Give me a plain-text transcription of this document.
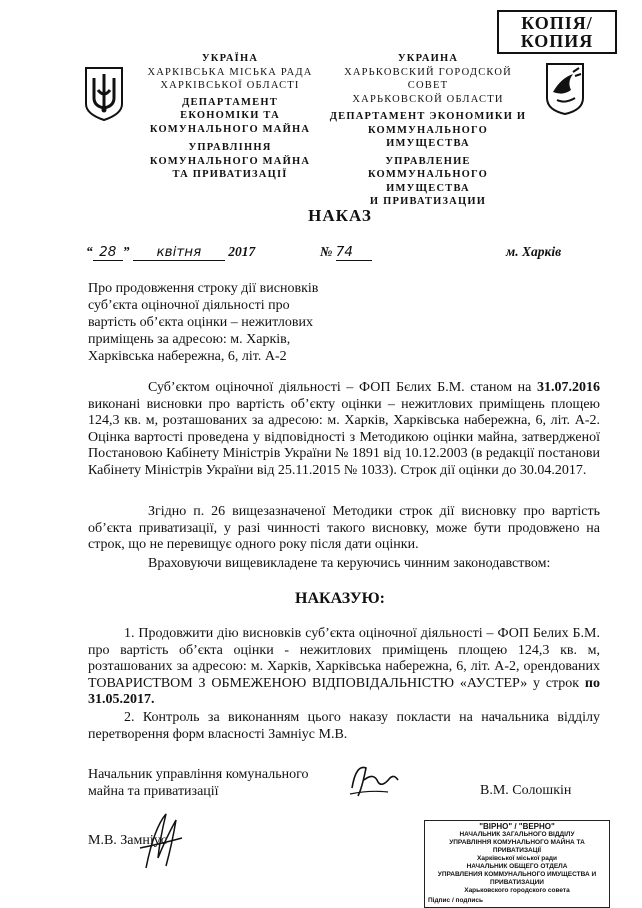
КОПІЯ/
КОПИЯ
УКРАЇНА
ХАРКІВСЬКА МІСЬКА РАДА
ХАРКІВСЬКОЇ ОБЛАСТІ
ДЕПАРТАМЕНТ
ЕКОНОМІКИ ТА
КОМУНАЛЬНОГО МАЙНА
УПРАВЛІННЯ
КОМУНАЛЬНОГО МАЙНА
ТА ПРИВАТИЗАЦІЇ
УКРАИНА
ХАРЬКОВСКИЙ ГОРОДСКОЙ
СОВЕТ
ХАРЬКОВСКОЙ ОБЛАСТИ
ДЕПАРТАМЕНТ ЭКОНОМИКИ И
КОММУНАЛЬНОГО ИМУЩЕСТВА
УПРАВЛЕНИЕ
КОММУНАЛЬНОГО ИМУЩЕСТВА
И ПРИВАТИЗАЦИИ
НАКАЗ
“ 28 ” квітня 2017	№ 74	м. Харків
Про продовження строку дії висновків
суб’єкта оціночної діяльності про
вартість об’єкта оцінки – нежитлових
приміщень за адресою: м. Харків,
Харківська набережна, 6, літ. А-2
Суб’єктом оціночної діяльності – ФОП Бєлих Б.М. станом на 31.07.2016 виконані висновки про вартість об’єкту оцінки – нежитлових приміщень площею 124,3 кв. м, розташованих за адресою: м. Харків, Харківська набережна, 6, літ. А-2. Оцінка вартості проведена у відповідності з Методикою оцінки майна, затвердженої Постановою Кабінету Міністрів України № 1891 від 10.12.2003 (в редакції постанови Кабінету Міністрів України від 25.11.2015 № 1033). Строк дії оцінки до 30.04.2017.
Згідно п. 26 вищезазначеної Методики строк дії висновку про вартість об’єкта приватизації, у разі чинності такого висновку, може бути продовжено на строк, що не перевищує одного року після дати оцінки.
Враховуючи вищевикладене та керуючись чинним законодавством:
НАКАЗУЮ:
1. Продовжити дію висновків суб’єкта оціночної діяльності – ФОП Белих Б.М. про вартість об’єкта оцінки - нежитлових приміщень площею 124,3 кв. м, розташованих за адресою: м. Харків, Харківська набережна, 6, літ. А-2, орендованих ТОВАРИСТВОМ З ОБМЕЖЕНОЮ ВІДПОВІДАЛЬНІСТЮ «АУСТЕР» у строк по 31.05.2017.
2. Контроль за виконанням цього наказу покласти на начальника відділу перетворення форм власності Замніус М.В.
Начальник управління комунального
майна та приватизації	В.М. Солошкін
М.В. Замніус
"ВІРНО" / "ВЕРНО"
НАЧАЛЬНИК ЗАГАЛЬНОГО ВІДДІЛУ
УПРАВЛІННЯ КОМУНАЛЬНОГО МАЙНА ТА ПРИВАТИЗАЦІЇ
Харківської міської ради
НАЧАЛЬНИК ОБЩЕГО ОТДЕЛА
УПРАВЛЕНИЯ КОММУНАЛЬНОГО ИМУЩЕСТВА И ПРИВАТИЗАЦИИ
Харьковского городского совета
Підпис / подпись
